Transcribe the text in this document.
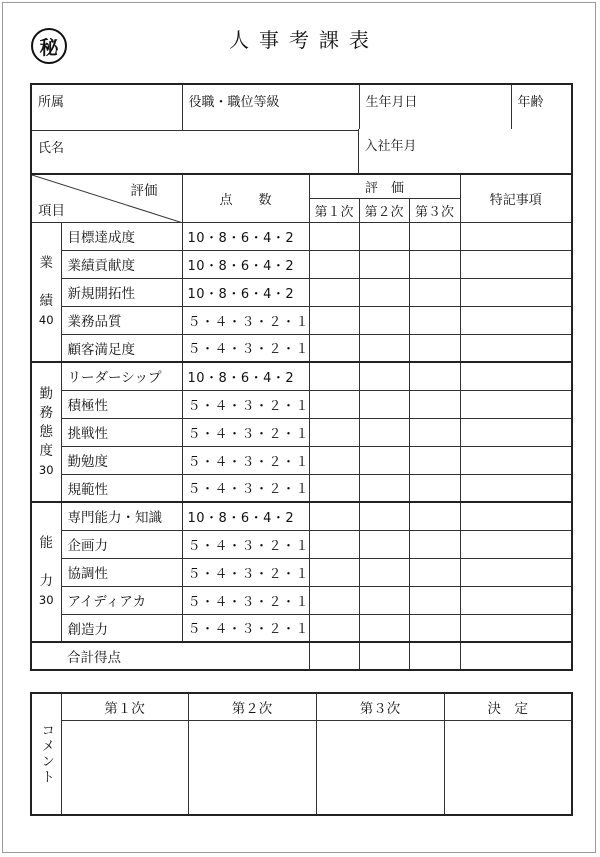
秘	人事考課表
所属	役職・職位等級	生年月日	年齢
氏名

		入社年月
評価
項目		点　　数	評　価			特記事項
			第１次	第２次	第３次	

業

績
40	目標達成度	10・8・6・4・2				
	業績貢献度	10・8・6・4・2				
	新規開拓性	10・8・6・4・2				
	業務品質	５・４・３・２・１				
	顧客満足度	５・４・３・２・１				

勤
務
態
度
30	リーダーシップ	10・8・6・4・2				
	積極性	５・４・３・２・１				
	挑戦性	５・４・３・２・１				
	勤勉度	５・４・３・２・１				
	規範性	５・４・３・２・１				

能

力
30	専門能力・知識	10・8・6・4・2				
	企画力	５・４・３・２・１				
	協調性	５・４・３・２・１				
	アイディアカ	５・４・３・２・１				
	創造力	５・４・３・２・１				
	合計得点					
コメント	第１次	第２次	第３次	決　定
